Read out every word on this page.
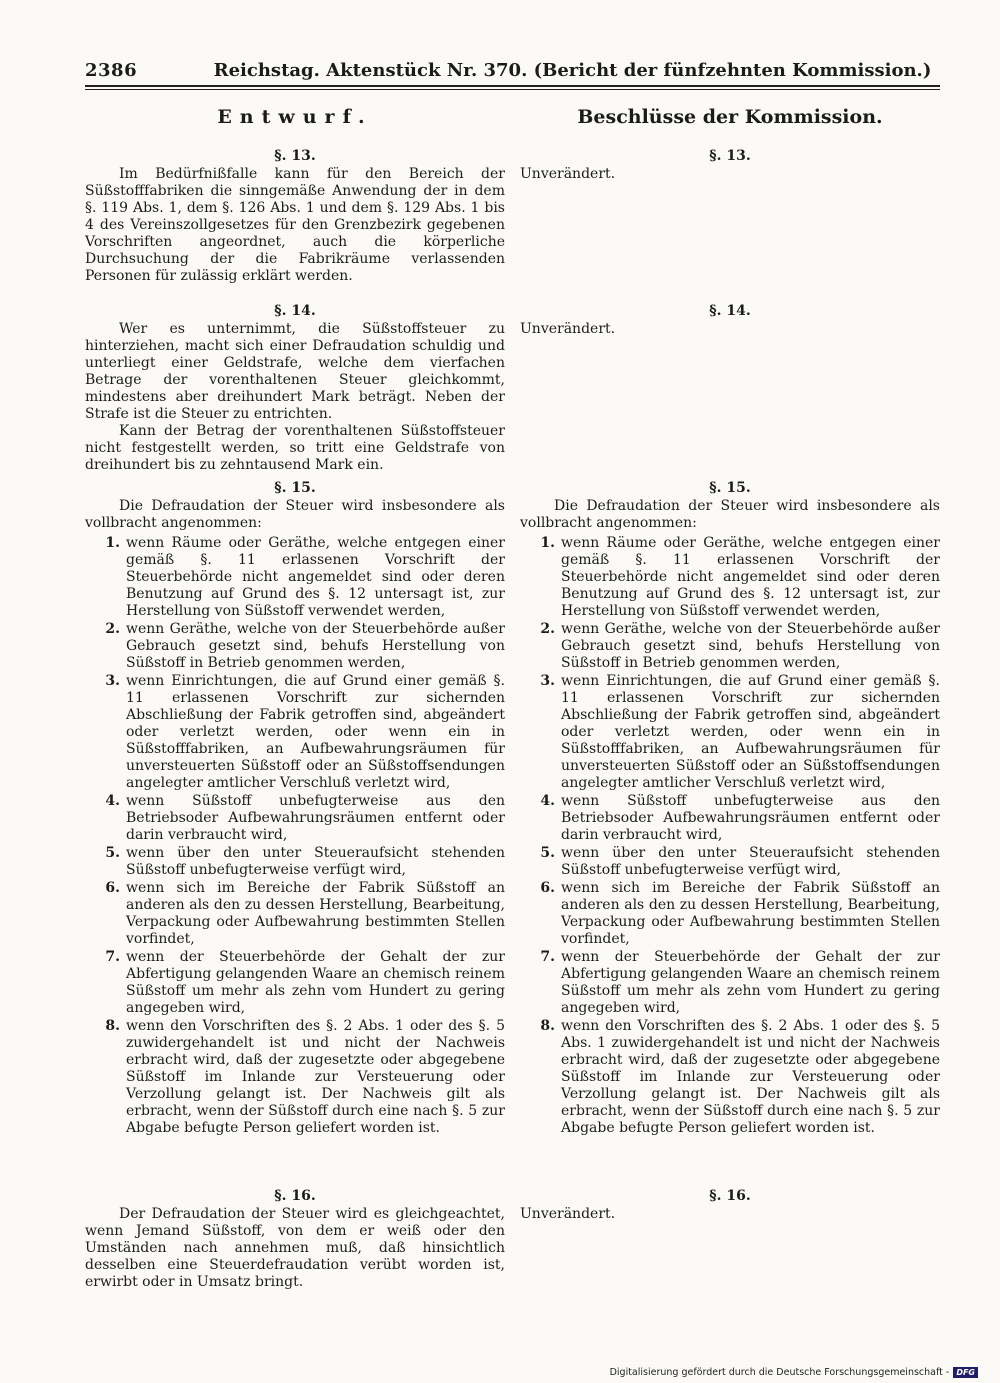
2386	Reichstag. Aktenstück Nr. 370. (Bericht der fünfzehnten Kommission.)
Entwurf.	Beschlüsse der Kommission.
§. 13.

Im Bedürfnißfalle kann für den Bereich der Süßstofffabriken die sinngemäße Anwendung der in dem §. 119 Abs. 1, dem §. 126 Abs. 1 und dem §. 129 Abs. 1 bis 4 des Vereinszollgesetzes für den Grenzbezirk gegebenen Vorschriften angeordnet, auch die körperliche Durchsuchung der die Fabrikräume verlassenden Personen für zulässig erklärt werden.

§. 13.

Unverändert.

§. 14.

Wer es unternimmt, die Süßstoffsteuer zu hinterziehen, macht sich einer Defraudation schuldig und unterliegt einer Geldstrafe, welche dem vierfachen Betrage der vorenthaltenen Steuer gleichkommt, mindestens aber dreihundert Mark beträgt. Neben der Strafe ist die Steuer zu entrichten.

Kann der Betrag der vorenthaltenen Süßstoffsteuer nicht festgestellt werden, so tritt eine Geldstrafe von dreihundert bis zu zehntausend Mark ein.

§. 14.

Unverändert.

§. 15.

Die Defraudation der Steuer wird insbesondere als vollbracht angenommen:

1. wenn Räume oder Geräthe, welche entgegen einer gemäß §. 11 erlassenen Vorschrift der Steuerbehörde nicht angemeldet sind oder deren Benutzung auf Grund des §. 12 untersagt ist, zur Herstellung von Süßstoff verwendet werden,
2. wenn Geräthe, welche von der Steuerbehörde außer Gebrauch gesetzt sind, behufs Herstellung von Süßstoff in Betrieb genommen werden,
3. wenn Einrichtungen, die auf Grund einer gemäß §. 11 erlassenen Vorschrift zur sichernden Abschließung der Fabrik getroffen sind, abgeändert oder verletzt werden, oder wenn ein in Süßstofffabriken, an Aufbewahrungsräumen für unversteuerten Süßstoff oder an Süßstoffsendungen angelegter amtlicher Verschluß verletzt wird,
4. wenn Süßstoff unbefugterweise aus den Betriebsoder Aufbewahrungsräumen entfernt oder darin verbraucht wird,
5. wenn über den unter Steueraufsicht stehenden Süßstoff unbefugterweise verfügt wird,
6. wenn sich im Bereiche der Fabrik Süßstoff an anderen als den zu dessen Herstellung, Bearbeitung, Verpackung oder Aufbewahrung bestimmten Stellen vorfindet,
7. wenn der Steuerbehörde der Gehalt der zur Abfertigung gelangenden Waare an chemisch reinem Süßstoff um mehr als zehn vom Hundert zu gering angegeben wird,
8. wenn den Vorschriften des §. 2 Abs. 1 oder des §. 5 zuwidergehandelt ist und nicht der Nachweis erbracht wird, daß der zugesetzte oder abgegebene Süßstoff im Inlande zur Versteuerung oder Verzollung gelangt ist. Der Nachweis gilt als erbracht, wenn der Süßstoff durch eine nach §. 5 zur Abgabe befugte Person geliefert worden ist.
§. 15.

Die Defraudation der Steuer wird insbesondere als vollbracht angenommen:

1. wenn Räume oder Geräthe, welche entgegen einer gemäß §. 11 erlassenen Vorschrift der Steuerbehörde nicht angemeldet sind oder deren Benutzung auf Grund des §. 12 untersagt ist, zur Herstellung von Süßstoff verwendet werden,
2. wenn Geräthe, welche von der Steuerbehörde außer Gebrauch gesetzt sind, behufs Herstellung von Süßstoff in Betrieb genommen werden,
3. wenn Einrichtungen, die auf Grund einer gemäß §. 11 erlassenen Vorschrift zur sichernden Abschließung der Fabrik getroffen sind, abgeändert oder verletzt werden, oder wenn ein in Süßstofffabriken, an Aufbewahrungsräumen für unversteuerten Süßstoff oder an Süßstoffsendungen angelegter amtlicher Verschluß verletzt wird,
4. wenn Süßstoff unbefugterweise aus den Betriebsoder Aufbewahrungsräumen entfernt oder darin verbraucht wird,
5. wenn über den unter Steueraufsicht stehenden Süßstoff unbefugterweise verfügt wird,
6. wenn sich im Bereiche der Fabrik Süßstoff an anderen als den zu dessen Herstellung, Bearbeitung, Verpackung oder Aufbewahrung bestimmten Stellen vorfindet,
7. wenn der Steuerbehörde der Gehalt der zur Abfertigung gelangenden Waare an chemisch reinem Süßstoff um mehr als zehn vom Hundert zu gering angegeben wird,
8. wenn den Vorschriften des §. 2 Abs. 1 oder des §. 5 Abs. 1 zuwidergehandelt ist und nicht der Nachweis erbracht wird, daß der zugesetzte oder abgegebene Süßstoff im Inlande zur Versteuerung oder Verzollung gelangt ist. Der Nachweis gilt als erbracht, wenn der Süßstoff durch eine nach §. 5 zur Abgabe befugte Person geliefert worden ist.
§. 16.

Der Defraudation der Steuer wird es gleichgeachtet, wenn Jemand Süßstoff, von dem er weiß oder den Umständen nach annehmen muß, daß hinsichtlich desselben eine Steuerdefraudation verübt worden ist, erwirbt oder in Umsatz bringt.

§. 16.

Unverändert.

Digitalisierung gefördert durch die Deutsche Forschungsgemeinschaft - DFG
